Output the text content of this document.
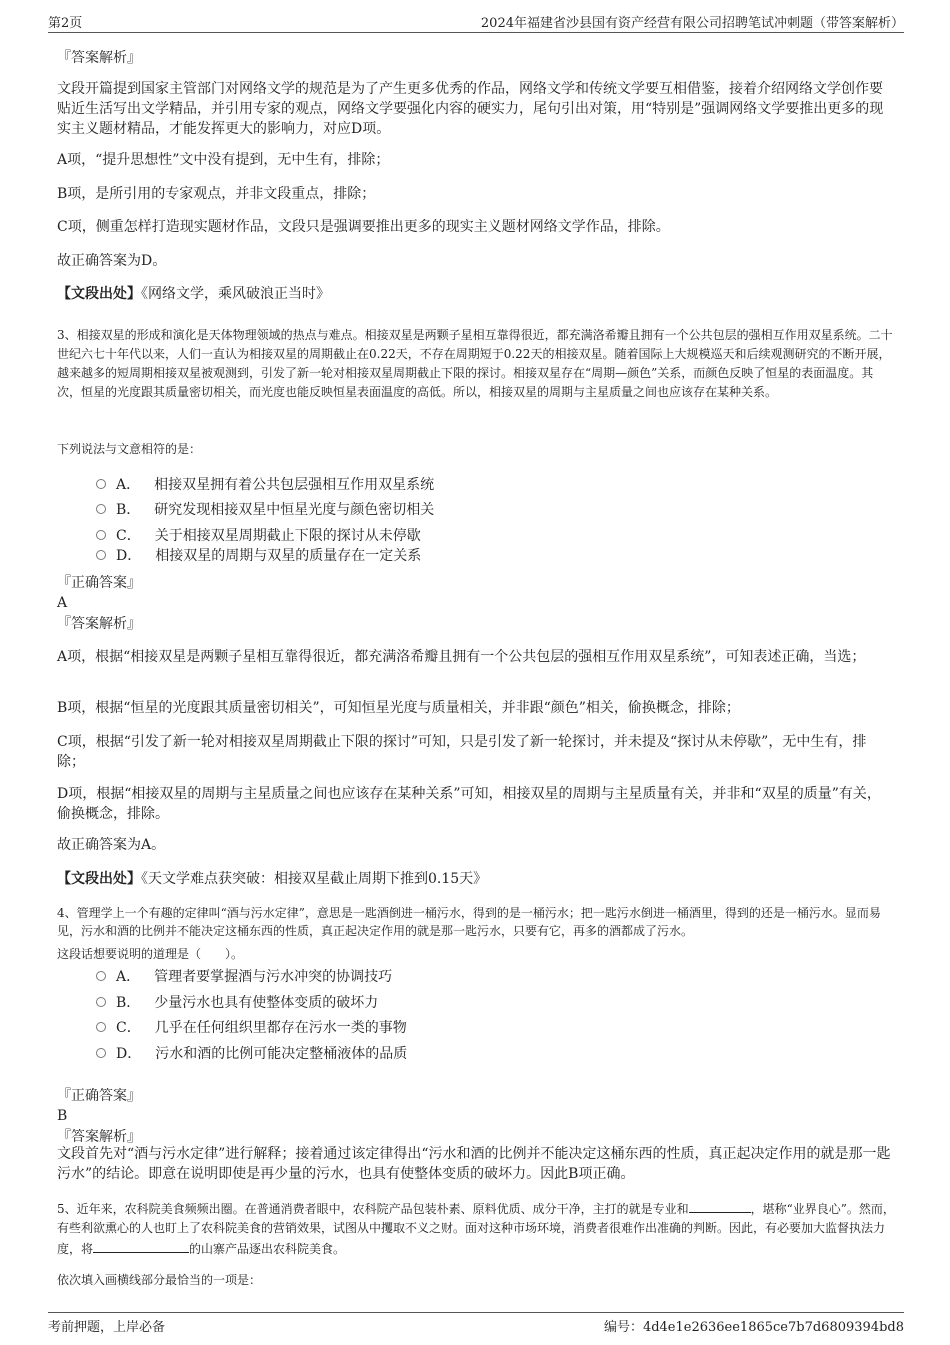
第2页	2024年福建省沙县国有资产经营有限公司招聘笔试冲刺题（带答案解析）

『答案解析』

文段开篇提到国家主管部门对网络文学的规范是为了产生更多优秀的作品，网络文学和传统文学要互相借鉴，接着介绍网络文学创作要贴近生活写出文学精品，并引用专家的观点，网络文学要强化内容的硬实力，尾句引出对策，用“特别是”强调网络文学要推出更多的现实主义题材精品，才能发挥更大的影响力，对应D项。

A项，“提升思想性”文中没有提到，无中生有，排除；

B项，是所引用的专家观点，并非文段重点，排除；

C项，侧重怎样打造现实题材作品，文段只是强调要推出更多的现实主义题材网络文学作品，排除。

故正确答案为D。

【文段出处】《网络文学，乘风破浪正当时》

3、相接双星的形成和演化是天体物理领域的热点与难点。相接双星是两颗子星相互靠得很近，都充满洛希瓣且拥有一个公共包层的强相互作用双星系统。二十世纪六七十年代以来，人们一直认为相接双星的周期截止在0.22天，不存在周期短于0.22天的相接双星。随着国际上大规模巡天和后续观测研究的不断开展，越来越多的短周期相接双星被观测到，引发了新一轮对相接双星周期截止下限的探讨。相接双星存在“周期—颜色”关系，而颜色反映了恒星的表面温度。其次，恒星的光度跟其质量密切相关，而光度也能反映恒星表面温度的高低。所以，相接双星的周期与主星质量之间也应该存在某种关系。

下列说法与文意相符的是：

A． 相接双星拥有着公共包层强相互作用双星系统
B． 研究发现相接双星中恒星光度与颜色密切相关
C． 关于相接双星周期截止下限的探讨从未停歇
D． 相接双星的周期与双星的质量存在一定关系

『正确答案』

A

『答案解析』

A项，根据“相接双星是两颗子星相互靠得很近，都充满洛希瓣且拥有一个公共包层的强相互作用双星系统”，可知表述正确，当选；

B项，根据“恒星的光度跟其质量密切相关”，可知恒星光度与质量相关，并非跟“颜色”相关，偷换概念，排除；

C项，根据“引发了新一轮对相接双星周期截止下限的探讨”可知，只是引发了新一轮探讨，并未提及“探讨从未停歇”，无中生有，排除；

D项，根据“相接双星的周期与主星质量之间也应该存在某种关系”可知，相接双星的周期与主星质量有关，并非和“双星的质量”有关，偷换概念，排除。

故正确答案为A。

【文段出处】《天文学难点获突破：相接双星截止周期下推到0.15天》

4、管理学上一个有趣的定律叫“酒与污水定律”，意思是一匙酒倒进一桶污水，得到的是一桶污水；把一匙污水倒进一桶酒里，得到的还是一桶污水。显而易见，污水和酒的比例并不能决定这桶东西的性质，真正起决定作用的就是那一匙污水，只要有它，再多的酒都成了污水。

这段话想要说明的道理是（　　）。

A． 管理者要掌握酒与污水冲突的协调技巧
B． 少量污水也具有使整体变质的破坏力
C． 几乎在任何组织里都存在污水一类的事物
D． 污水和酒的比例可能决定整桶液体的品质

『正确答案』

B

『答案解析』

文段首先对“酒与污水定律”进行解释；接着通过该定律得出“污水和酒的比例并不能决定这桶东西的性质，真正起决定作用的就是那一匙污水”的结论。即意在说明即使是再少量的污水，也具有使整体变质的破坏力。因此B项正确。

5、近年来，农科院美食频频出圈。在普通消费者眼中，农科院产品包装朴素、原料优质、成分干净，主打的就是专业和	，堪称“业界良心”。然而，有些利欲熏心的人也盯上了农科院美食的营销效果，试图从中攫取不义之财。面对这种市场环境，消费者很难作出准确的判断。因此，有必要加大监督执法力度，将	的山寨产品逐出农科院美食。

依次填入画横线部分最恰当的一项是：

考前押题，上岸必备	编号：4d4e1e2636ee1865ce7b7d6809394bd8
